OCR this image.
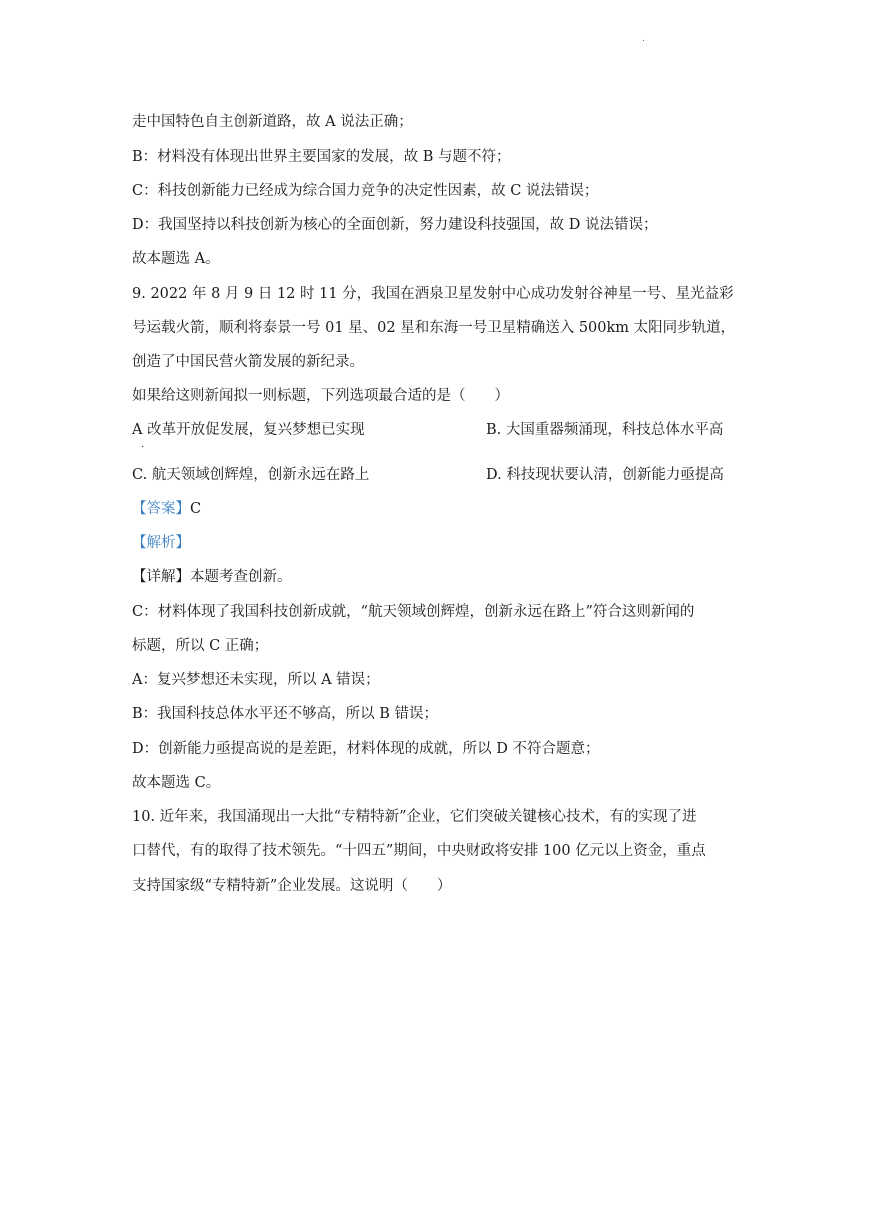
.
走中国特色自主创新道路，故 A 说法正确；
B：材料没有体现出世界主要国家的发展，故 B 与题不符；
C：科技创新能力已经成为综合国力竞争的决定性因素，故 C 说法错误；
D：我国坚持以科技创新为核心的全面创新，努力建设科技强国，故 D 说法错误；
故本题选 A。
9. 2022 年 8 月 9 日 12 时 11 分，我国在酒泉卫星发射中心成功发射谷神星一号、星光益彩
号运载火箭，顺利将泰景一号 01 星、02 星和东海一号卫星精确送入 500km 太阳同步轨道，
创造了中国民营火箭发展的新纪录。
如果给这则新闻拟一则标题，下列选项最合适的是（　　）
A 改革开放促发展，复兴梦想已实现
·
B. 大国重器频涌现，科技总体水平高
C. 航天领域创辉煌，创新永远在路上	D. 科技现状要认清，创新能力亟提高
【答案】C
【解析】
【详解】本题考查创新。
C：材料体现了我国科技创新成就，“航天领域创辉煌，创新永远在路上”符合这则新闻的
标题，所以 C 正确；
A：复兴梦想还未实现，所以 A 错误；
B：我国科技总体水平还不够高，所以 B 错误；
D：创新能力亟提高说的是差距，材料体现的成就，所以 D 不符合题意；
故本题选 C。
10. 近年来，我国涌现出一大批“专精特新”企业，它们突破关键核心技术，有的实现了进
口替代，有的取得了技术领先。“十四五”期间，中央财政将安排 100 亿元以上资金，重点
支持国家级“专精特新”企业发展。这说明（　　）
